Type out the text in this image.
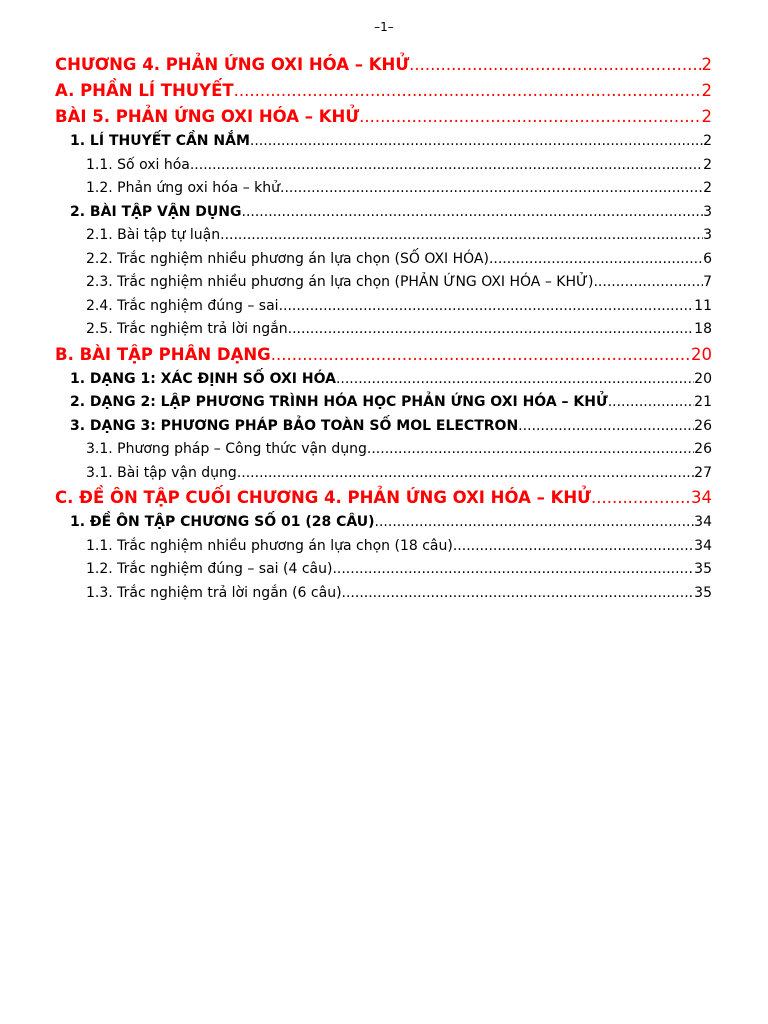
–1–
CHƯƠNG 4. PHẢN ỨNG OXI HÓA – KHỬ .....	2
A. PHẦN LÍ THUYẾT .....	2
BÀI 5. PHẢN ỨNG OXI HÓA – KHỬ .....	2
1. LÍ THUYẾT CẦN NẮM .....	2
1.1. Số oxi hóa .....	2
1.2. Phản ứng oxi hóa – khử .....	2
2. BÀI TẬP VẬN DỤNG .....	3
2.1. Bài tập tự luận .....	3
2.2. Trắc nghiệm nhiều phương án lựa chọn (SỐ OXI HÓA) .....	6
2.3. Trắc nghiệm nhiều phương án lựa chọn (PHẢN ỨNG OXI HÓA – KHỬ) .....	7
2.4. Trắc nghiệm đúng – sai .....	11
2.5. Trắc nghiệm trả lời ngắn .....	18
B. BÀI TẬP PHÂN DẠNG .....	20
1. DẠNG 1: XÁC ĐỊNH SỐ OXI HÓA .....	20
2. DẠNG 2: LẬP PHƯƠNG TRÌNH HÓA HỌC PHẢN ỨNG OXI HÓA – KHỬ .....	21
3. DẠNG 3: PHƯƠNG PHÁP BẢO TOÀN SỐ MOL ELECTRON .....	26
3.1. Phương pháp – Công thức vận dụng .....	26
3.1. Bài tập vận dụng .....	27
C. ĐỀ ÔN TẬP CUỐI CHƯƠNG 4. PHẢN ỨNG OXI HÓA – KHỬ .....	34
1. ĐỀ ÔN TẬP CHƯƠNG SỐ 01 (28 CÂU) .....	34
1.1. Trắc nghiệm nhiều phương án lựa chọn (18 câu) .....	34
1.2. Trắc nghiệm đúng – sai (4 câu) .....	35
1.3. Trắc nghiệm trả lời ngắn (6 câu) .....	35
